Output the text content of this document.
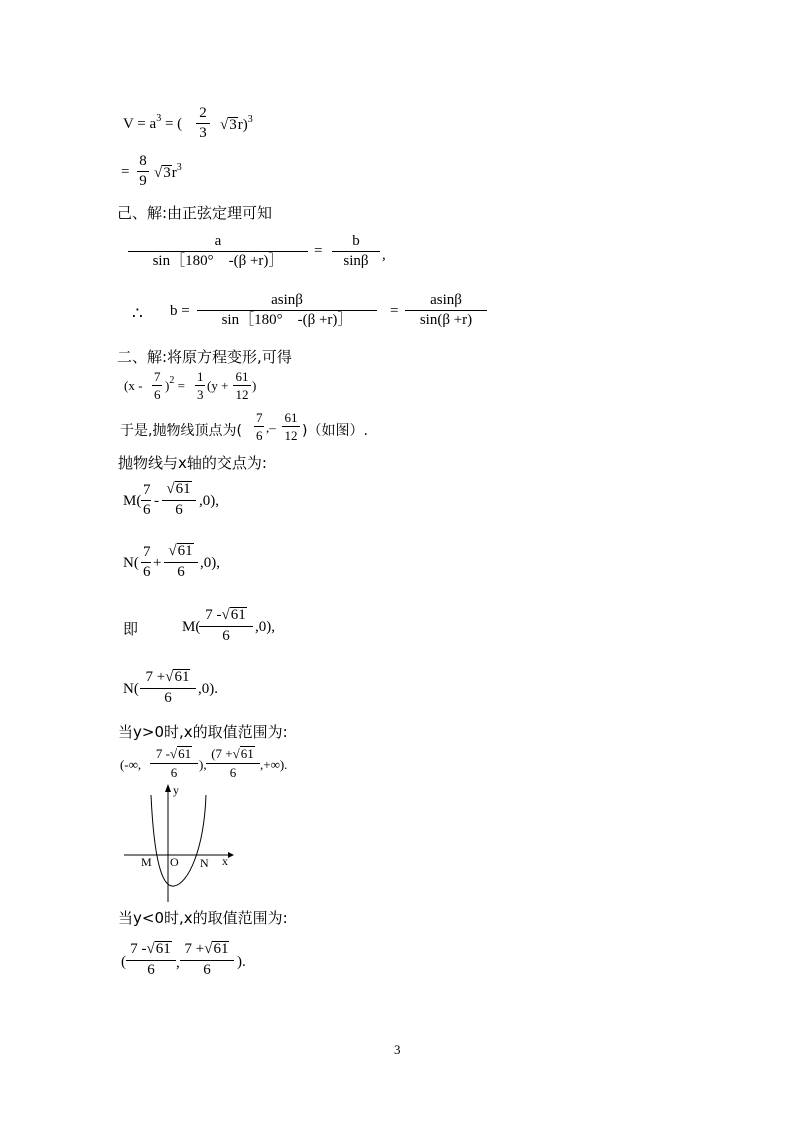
$V = a^3$ = (
2
3 √3r)$^3$
=
8
9 $√3r^3$
己、解:由正弦定理可知
a
sin［180°　-(β +r)］
=
b
sinβ ,
∴ b =
asinβ
sin［180°　-(β +r)］
=
asinβ
sin(β +r)
二、解:将原方程变形,可得
(x -
7
6
)$^2$ =
1
3
(y +
61
12
)
于是,抛物线顶点为(
7
6
,–
61
12 )（如图）.
抛物线与x轴的交点为:
M(
7
6
-
√61
6
,0),
N(
7
6
+
√61
6
,0),
即	M(
7 -√61
6
,0),
N(
7 +√61
6
,0).
当y>0时,x的取值范围为:
(-∞,
7 -√61
6
),
(7 +√61
6
,+∞).
y
x
M O N
当y<0时,x的取值范围为:
(
7 -√61
6	,
7 +√61
6	).
3
